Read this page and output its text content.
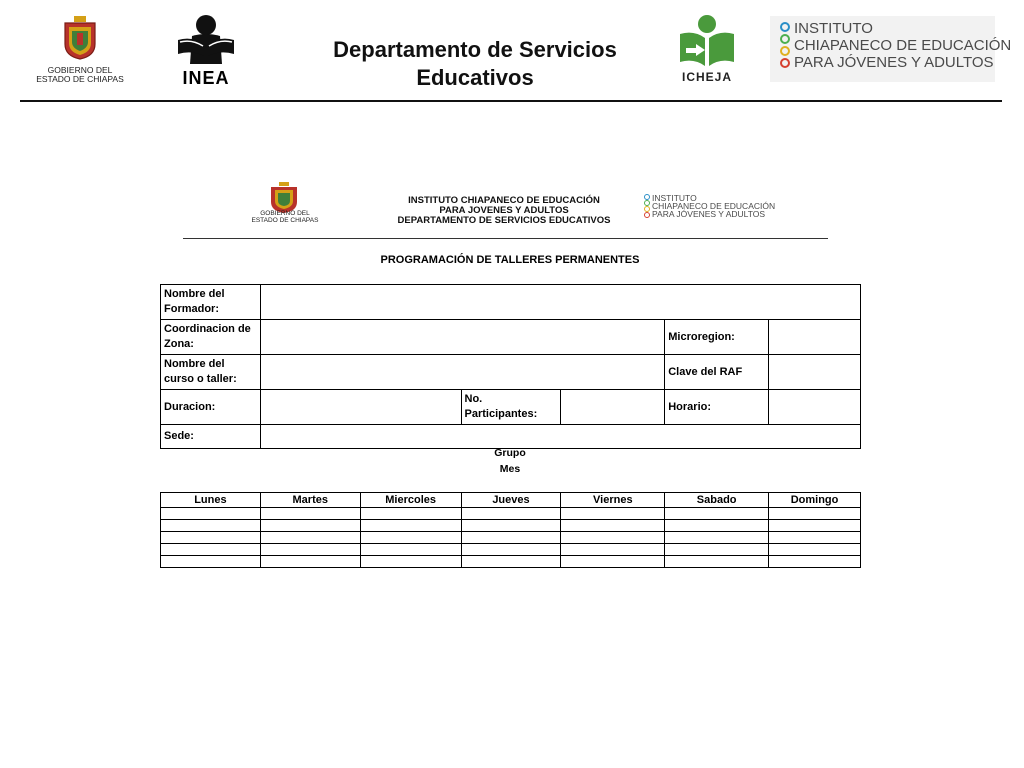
GOBIERNO DEL
ESTADO DE CHIAPAS	INEA
Departamento de Servicios
Educativos	ICHEJA
INSTITUTO
CHIAPANECO DE EDUCACIÓN
PARA JÓVENES Y ADULTOS
GOBIERNO DEL
ESTADO DE CHIAPAS
INSTITUTO CHIAPANECO DE EDUCACIÓN
PARA JOVENES Y ADULTOS
DEPARTAMENTO DE SERVICIOS EDUCATIVOS
INSTITUTO
CHIAPANECO DE EDUCACIÓN
PARA JÓVENES Y ADULTOS
PROGRAMACIÓN DE TALLERES PERMANENTES
Nombre del Formador:					
Coordinacion de Zona:				Microregion:	
Nombre del curso o taller:				Clave del RAF	
Duracion:		No. Participantes:		Horario:	
Sede:					
Grupo
Mes
Lunes	Martes	Miercoles	Jueves	Viernes	Sabado	Domingo
